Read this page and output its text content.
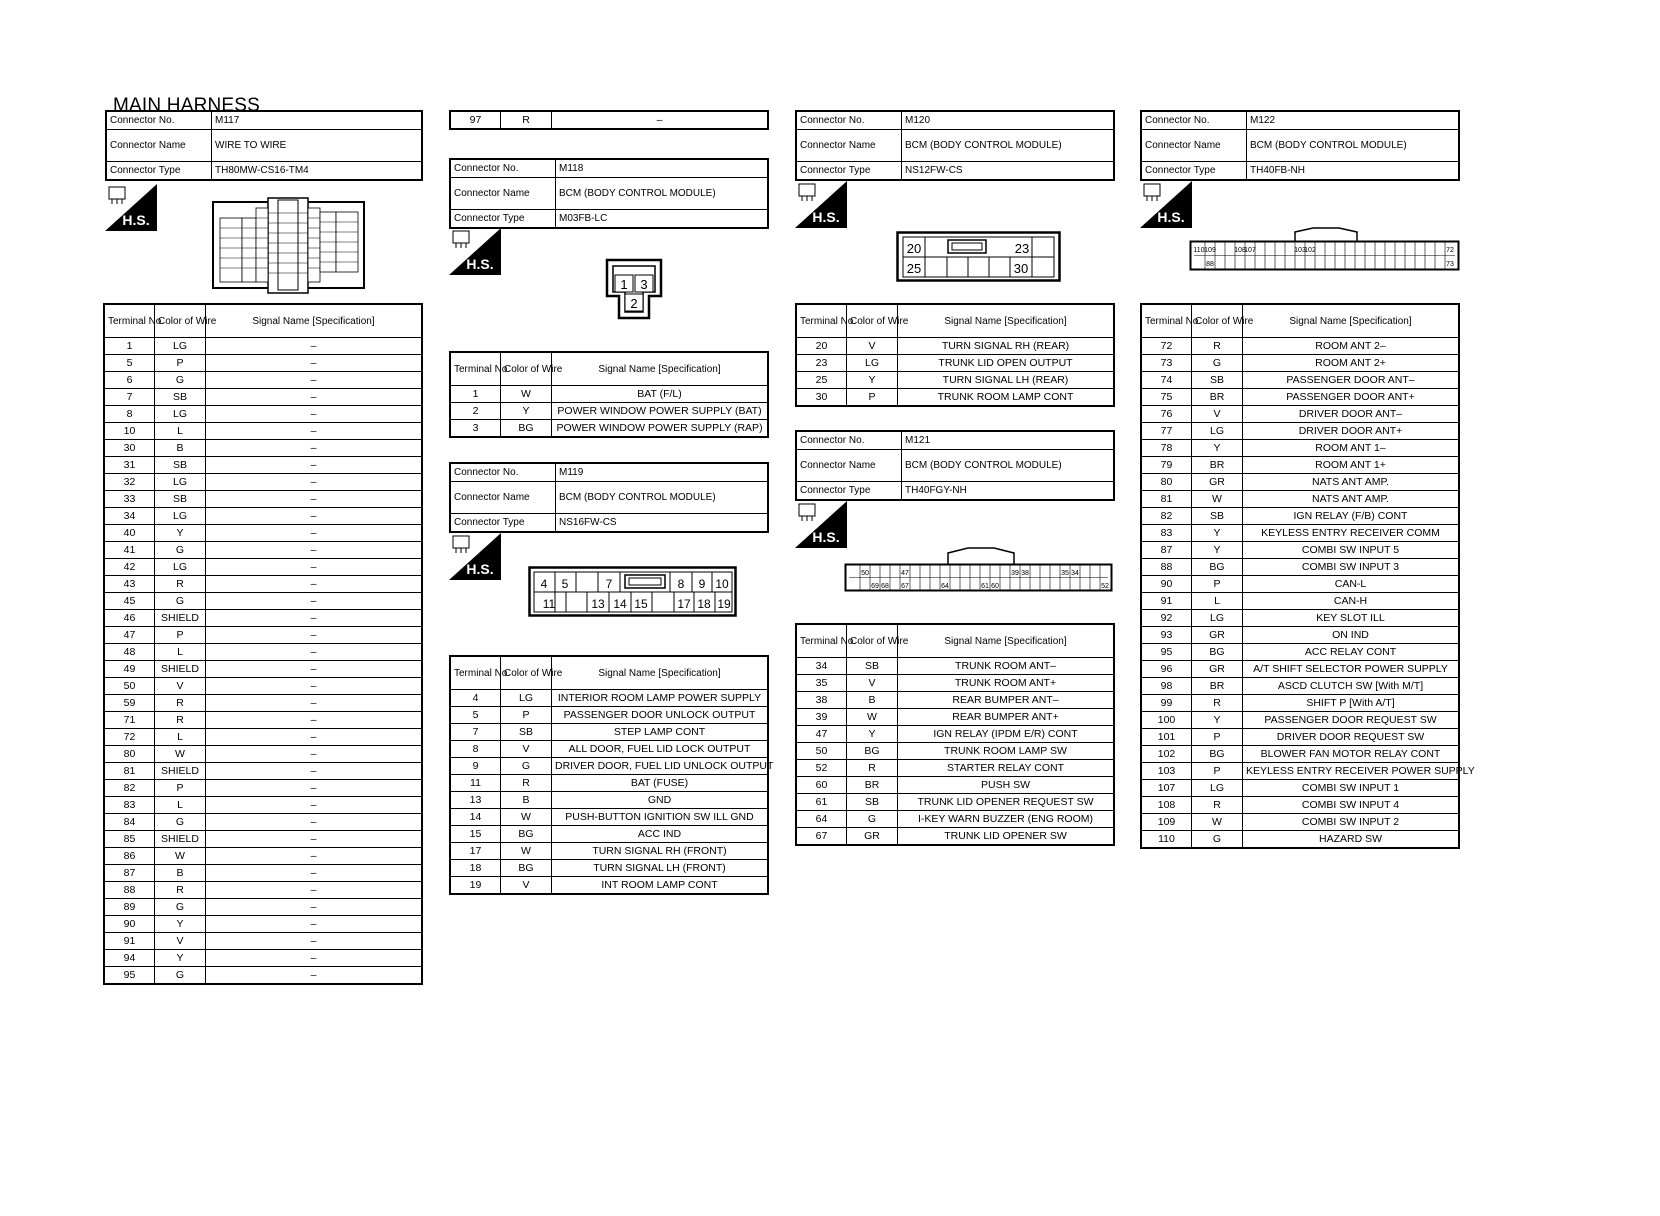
MAIN HARNESS
Connector No.	M117
Connector Name	WIRE TO WIRE
Connector Type	TH80MW-CS16-TM4
H.S.
Terminal No.	Color of Wire	Signal Name [Specification]
1	LG	–
5	P	–
6	G	–
7	SB	–
8	LG	–
10	L	–
30	B	–
31	SB	–
32	LG	–
33	SB	–
34	LG	–
40	Y	–
41	G	–
42	LG	–
43	R	–
45	G	–
46	SHIELD	–
47	P	–
48	L	–
49	SHIELD	–
50	V	–
59	R	–
71	R	–
72	L	–
80	W	–
81	SHIELD	–
82	P	–
83	L	–
84	G	–
85	SHIELD	–
86	W	–
87	B	–
88	R	–
89	G	–
90	Y	–
91	V	–
94	Y	–
95	G	–
97	R	–
Connector No.	M118
Connector Name	BCM (BODY CONTROL MODULE)
Connector Type	M03FB-LC
H.S.
1 3
2
Terminal No.	Color of Wire	Signal Name [Specification]
1	W	BAT (F/L)
2	Y	POWER WINDOW POWER SUPPLY (BAT)
3	BG	POWER WINDOW POWER SUPPLY (RAP)
Connector No.	M119
Connector Name	BCM (BODY CONTROL MODULE)
Connector Type	NS16FW-CS
H.S.
4 5	7	8 9 10
11	13 14 15 17 18 19
Terminal No.	Color of Wire	Signal Name [Specification]
4	LG	INTERIOR ROOM LAMP POWER SUPPLY
5	P	PASSENGER DOOR UNLOCK OUTPUT
7	SB	STEP LAMP CONT
8	V	ALL DOOR, FUEL LID LOCK OUTPUT
9	G	DRIVER DOOR, FUEL LID UNLOCK OUTPUT
11	R	BAT (FUSE)
13	B	GND
14	W	PUSH-BUTTON IGNITION SW ILL GND
15	BG	ACC IND
17	W	TURN SIGNAL RH (FRONT)
18	BG	TURN SIGNAL LH (FRONT)
19	V	INT ROOM LAMP CONT
Connector No.	M120
Connector Name	BCM (BODY CONTROL MODULE)
Connector Type	NS12FW-CS
H.S.
20	23
25	30
Terminal No.	Color of Wire	Signal Name [Specification]
20	V	TURN SIGNAL RH (REAR)
23	LG	TRUNK LID OPEN OUTPUT
25	Y	TURN SIGNAL LH (REAR)
30	P	TRUNK ROOM LAMP CONT
Connector No.	M121
Connector Name	BCM (BODY CONTROL MODULE)
Connector Type	TH40FGY-NH
H.S.
50	47	39 38	35 34
69 68 67	64	61 60	52
Terminal No.	Color of Wire	Signal Name [Specification]
34	SB	TRUNK ROOM ANT–
35	V	TRUNK ROOM ANT+
38	B	REAR BUMPER ANT–
39	W	REAR BUMPER ANT+
47	Y	IGN RELAY (IPDM E/R) CONT
50	BG	TRUNK ROOM LAMP SW
52	R	STARTER RELAY CONT
60	BR	PUSH SW
61	SB	TRUNK LID OPENER REQUEST SW
64	G	I-KEY WARN BUZZER (ENG ROOM)
67	GR	TRUNK LID OPENER SW
Connector No.	M122
Connector Name	BCM (BODY CONTROL MODULE)
Connector Type	TH40FB-NH
H.S.
110 109	108
107	103
102	72
88	73
Terminal No.	Color of Wire	Signal Name [Specification]
72	R	ROOM ANT 2–
73	G	ROOM ANT 2+
74	SB	PASSENGER DOOR ANT–
75	BR	PASSENGER DOOR ANT+
76	V	DRIVER DOOR ANT–
77	LG	DRIVER DOOR ANT+
78	Y	ROOM ANT 1–
79	BR	ROOM ANT 1+
80	GR	NATS ANT AMP.
81	W	NATS ANT AMP.
82	SB	IGN RELAY (F/B) CONT
83	Y	KEYLESS ENTRY RECEIVER COMM
87	Y	COMBI SW INPUT 5
88	BG	COMBI SW INPUT 3
90	P	CAN-L
91	L	CAN-H
92	LG	KEY SLOT ILL
93	GR	ON IND
95	BG	ACC RELAY CONT
96	GR	A/T SHIFT SELECTOR POWER SUPPLY
98	BR	ASCD CLUTCH SW [With M/T]
99	R	SHIFT P [With A/T]
100	Y	PASSENGER DOOR REQUEST SW
101	P	DRIVER DOOR REQUEST SW
102	BG	BLOWER FAN MOTOR RELAY CONT
103	P	KEYLESS ENTRY RECEIVER POWER SUPPLY
107	LG	COMBI SW INPUT 1
108	R	COMBI SW INPUT 4
109	W	COMBI SW INPUT 2
110	G	HAZARD SW
